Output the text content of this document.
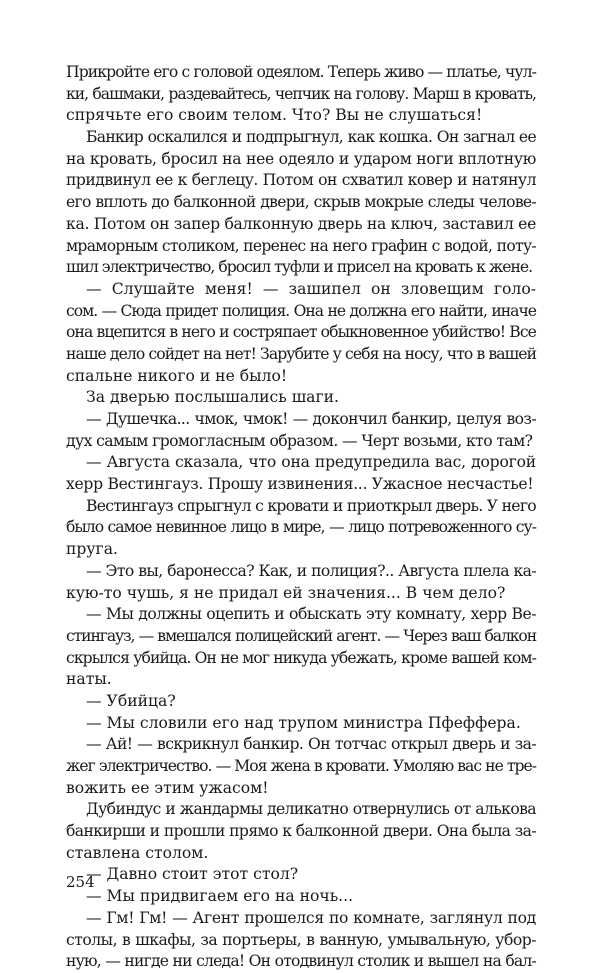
Прикройте его с головой одеялом. Теперь живо — платье, чул-
ки, башмаки, раздевайтесь, чепчик на голову. Марш в кровать,
спрячьте его своим телом. Что? Вы не слушаться!
Банкир оскалился и подпрыгнул, как кошка. Он загнал ее
на кровать, бросил на нее одеяло и ударом ноги вплотную
придвинул ее к беглецу. Потом он схватил ковер и натянул
его вплоть до балконной двери, скрыв мокрые следы челове-
ка. Потом он запер балконную дверь на ключ, заставил ее
мраморным столиком, перенес на него графин с водой, поту-
шил электричество, бросил туфли и присел на кровать к жене.
— Слушайте меня! — зашипел он зловещим голо-
сом. — Сюда придет полиция. Она не должна его найти, иначе
она вцепится в него и состряпает обыкновенное убийство! Все
наше дело сойдет на нет! Зарубите у себя на носу, что в вашей
спальне никого и не было!
За дверью послышались шаги.
— Душечка... чмок, чмок! — докончил банкир, целуя воз-
дух самым громогласным образом. — Черт возьми, кто там?
— Августа сказала, что она предупредила вас, дорогой
херр Вестингауз. Прошу извинения... Ужасное несчастье!
Вестингауз спрыгнул с кровати и приоткрыл дверь. У него
было самое невинное лицо в мире, — лицо потревоженного су-
пруга.
— Это вы, баронесса? Как, и полиция?.. Августа плела ка-
кую-то чушь, я не придал ей значения... В чем дело?
— Мы должны оцепить и обыскать эту комнату, херр Ве-
стингауз, — вмешался полицейский агент. — Через ваш балкон
скрылся убийца. Он не мог никуда убежать, кроме вашей ком-
наты.
— Убийца?
— Мы словили его над трупом министра Пфеффера.
— Ай! — вскрикнул банкир. Он тотчас открыл дверь и за-
жег электричество. — Моя жена в кровати. Умоляю вас не тре-
вожить ее этим ужасом!
Дубиндус и жандармы деликатно отвернулись от алькова
банкирши и прошли прямо к балконной двери. Она была за-
ставлена столом.
— Давно стоит этот стол?
— Мы придвигаем его на ночь...
— Гм! Гм! — Агент прошелся по комнате, заглянул под
столы, в шкафы, за портьеры, в ванную, умывальную, убор-
ную, — нигде ни следа! Он отодвинул столик и вышел на бал-
254
